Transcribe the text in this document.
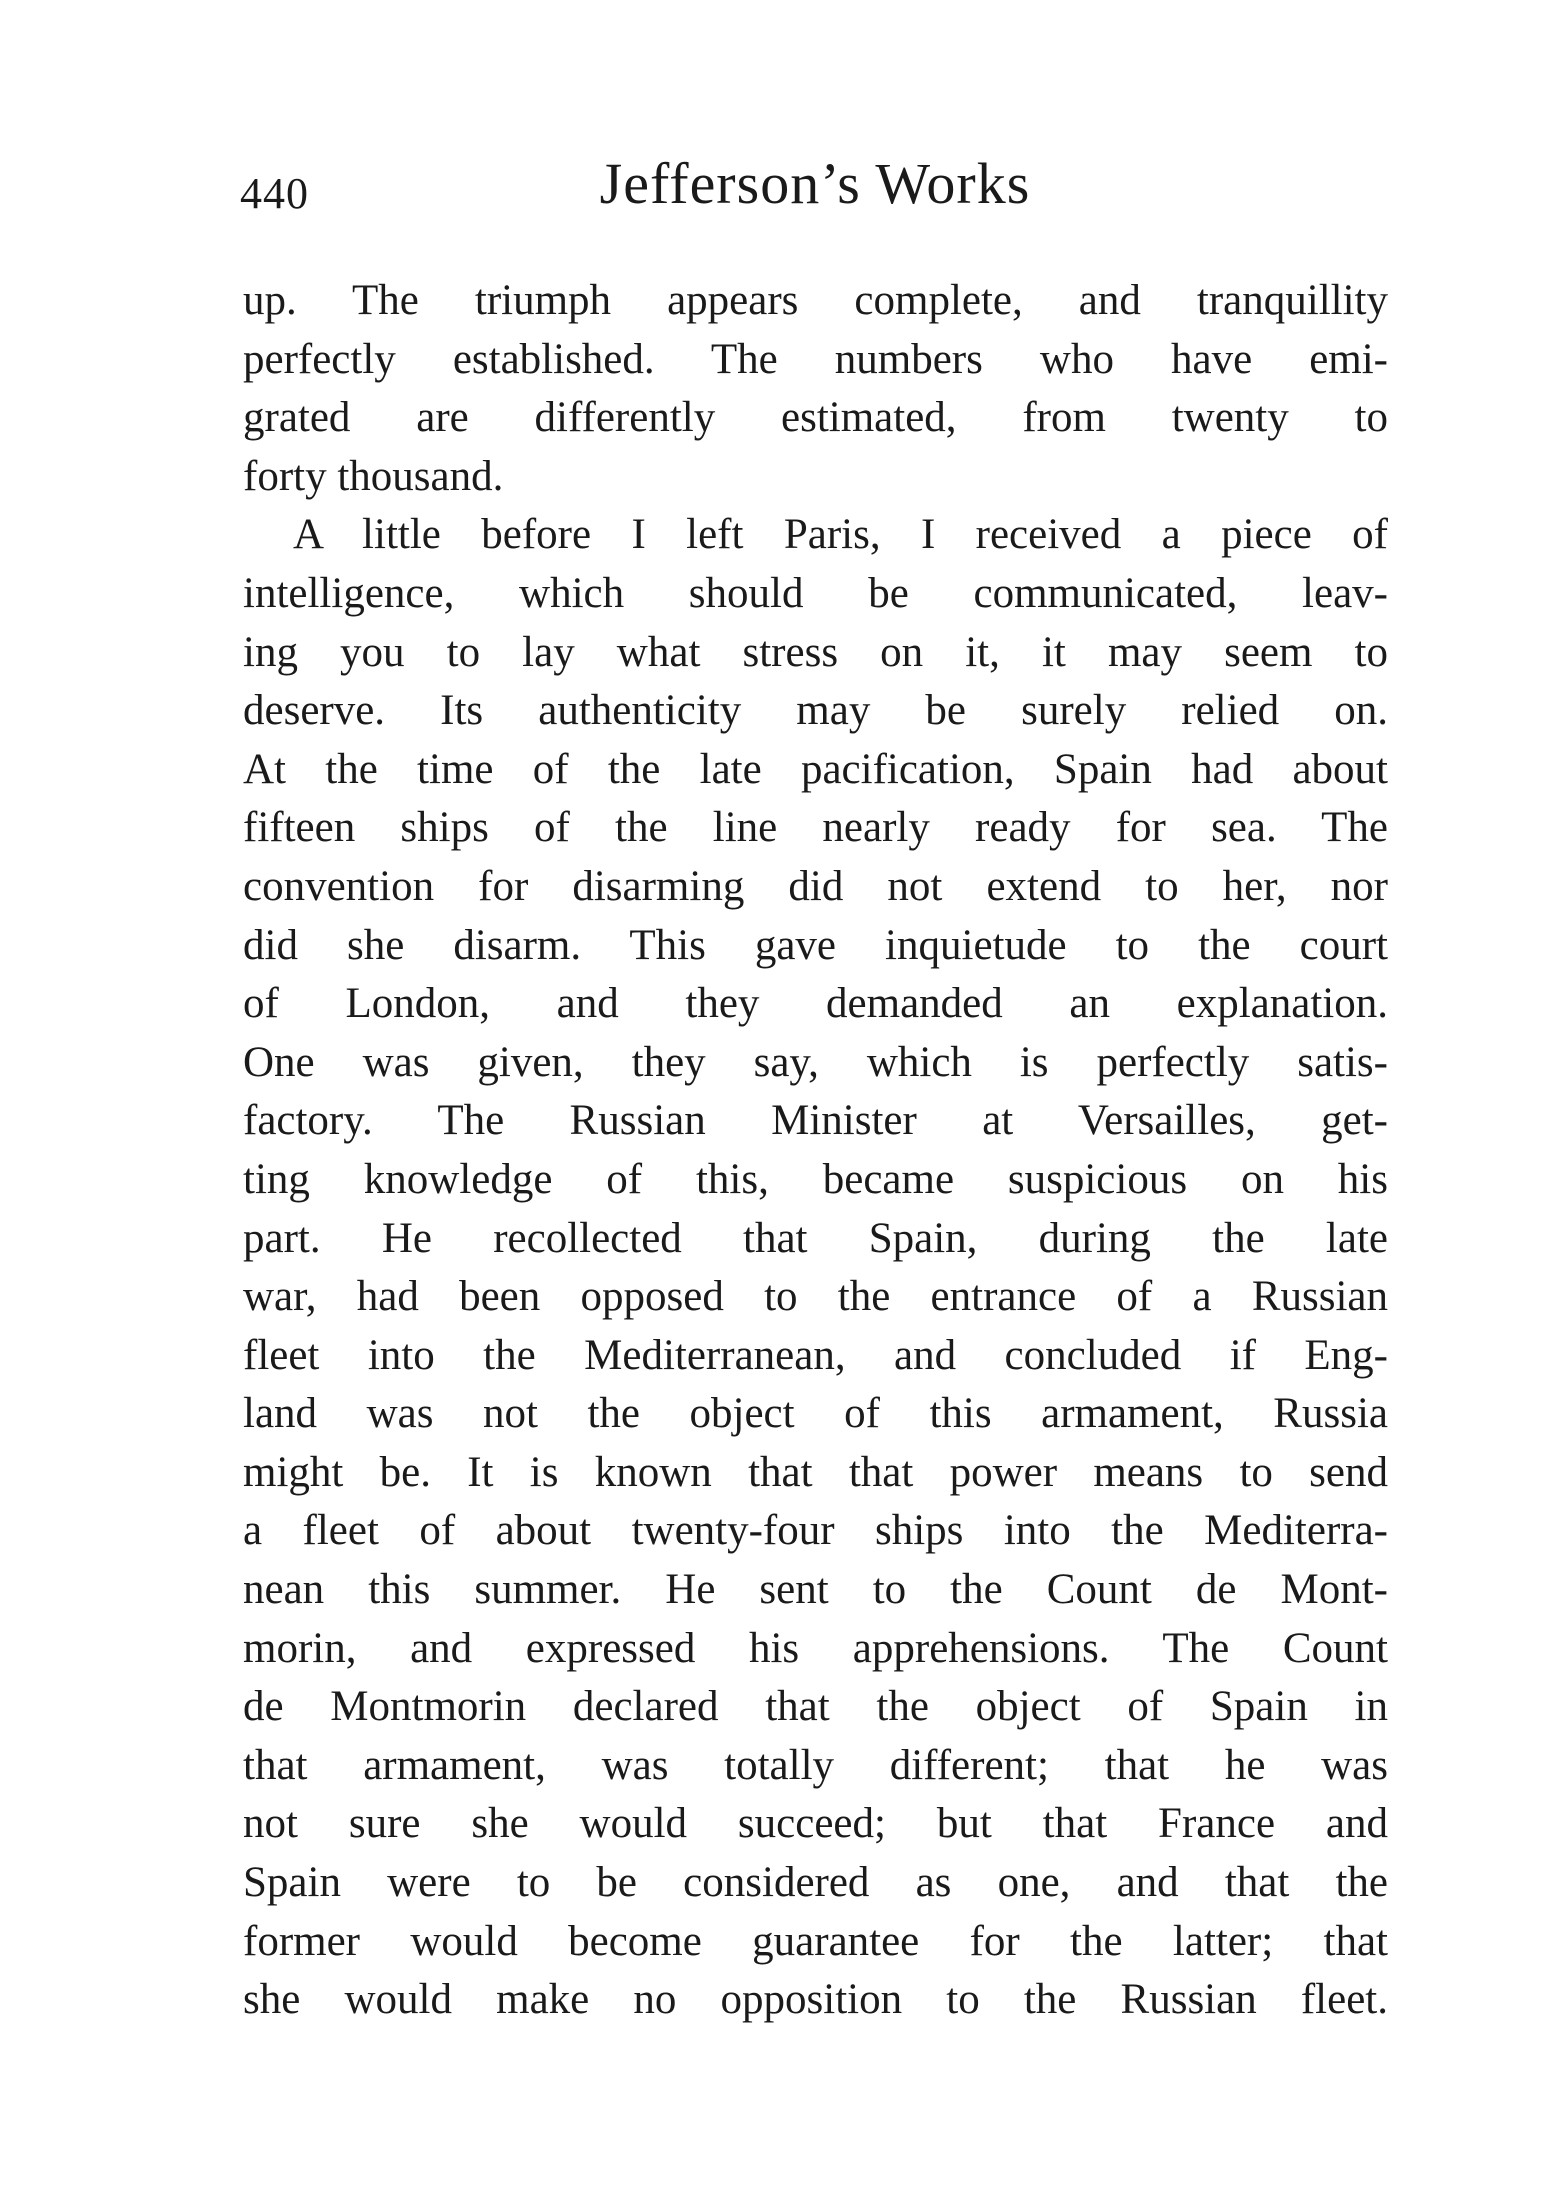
440	Jefferson’s Works
up. The triumph appears complete, and tranquillity
perfectly established. The numbers who have emi-
grated are differently estimated, from twenty to
forty thousand.
A little before I left Paris, I received a piece of
intelligence, which should be communicated, leav-
ing you to lay what stress on it, it may seem to
deserve. Its authenticity may be surely relied on.
At the time of the late pacification, Spain had about
fifteen ships of the line nearly ready for sea. The
convention for disarming did not extend to her, nor
did she disarm. This gave inquietude to the court
of London, and they demanded an explanation.
One was given, they say, which is perfectly satis-
factory. The Russian Minister at Versailles, get-
ting knowledge of this, became suspicious on his
part. He recollected that Spain, during the late
war, had been opposed to the entrance of a Russian
fleet into the Mediterranean, and concluded if Eng-
land was not the object of this armament, Russia
might be. It is known that that power means to send
a fleet of about twenty-four ships into the Mediterra-
nean this summer. He sent to the Count de Mont-
morin, and expressed his apprehensions. The Count
de Montmorin declared that the object of Spain in
that armament, was totally different; that he was
not sure she would succeed; but that France and
Spain were to be considered as one, and that the
former would become guarantee for the latter; that
she would make no opposition to the Russian fleet.
